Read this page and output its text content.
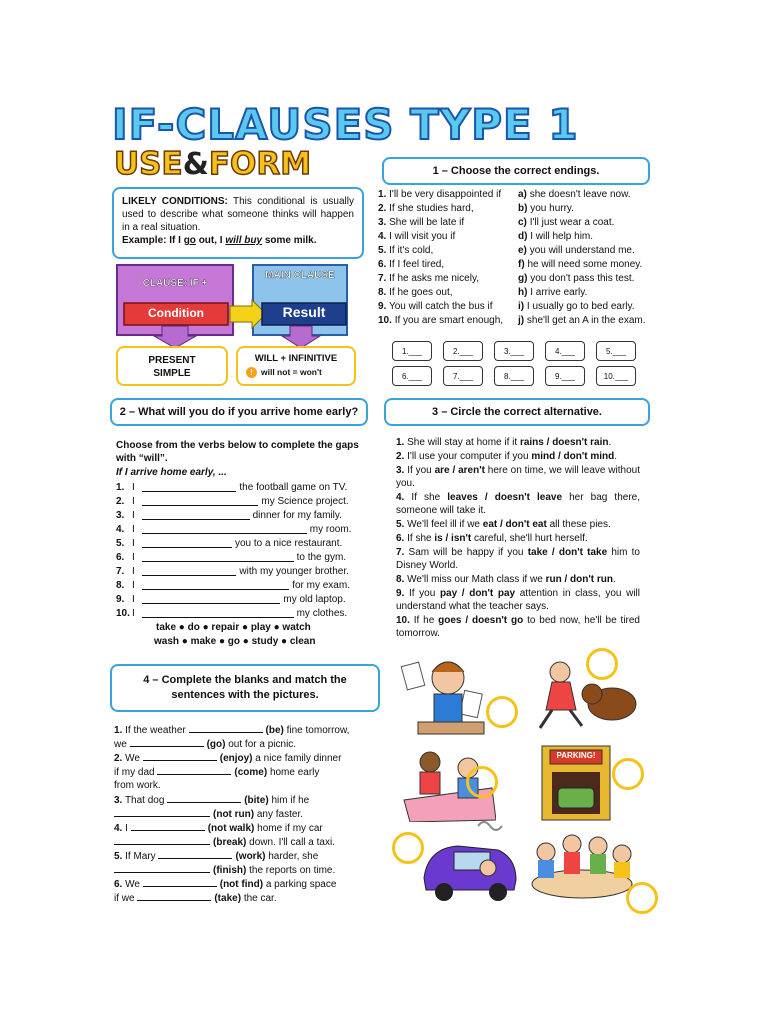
IF-CLAUSES TYPE 1
USE&FORM
LIKELY CONDITIONS: This conditional is usually used to describe what someone thinks will happen in a real situation.
Example: If I go out, I will buy some milk.
CLAUSE: IF +
MAIN CLAUSE
Condition	Result
PRESENT SIMPLE
WILL + INFINITIVE
! will not = won't
1 – Choose the correct endings.
1. I'll be very disappointed if
2. If she studies hard,
3. She will be late if
4. I will visit you if
5. If it's cold,
6. If I feel tired,
7. If he asks me nicely,
8. If he goes out,
9. You will catch the bus if
10. If you are smart enough,
a) she doesn't leave now.
b) you hurry.
c) I'll just wear a coat.
d) I will help him.
e) you will understand me.
f) he will need some money.
g) you don't pass this test.
h) I arrive early.
i) I usually go to bed early.
j) she'll get an A in the exam.
1.___	2.___	3.___	4.___	5.___
6.___	7.___	8.___	9.___	10.___
2 – What will you do if you arrive home early?
Choose from the verbs below to complete the gaps with “will”.
If I arrive home early, ...
1. I	the football game on TV.
2. I	my Science project.
3. I	dinner for my family.
4. I	my room.
5. I	you to a nice restaurant.
6. I	to the gym.
7. I	with my younger brother.
8. I	for my exam.
9. I	my old laptop.
10. I	my clothes.
take ● do ● repair ● play ● watch
wash ● make ● go ● study ● clean
3 – Circle the correct alternative.
1. She will stay at home if it rains / doesn't rain.
2. I'll use your computer if you mind / don't mind.
3. If you are / aren't here on time, we will leave without you.
4. If she leaves / doesn't leave her bag there, someone will take it.
5. We'll feel ill if we eat / don't eat all these pies.
6. If she is / isn't careful, she'll hurt herself.
7. Sam will be happy if you take / don't take him to Disney World.
8. We'll miss our Math class if we run / don't run.
9. If you pay / don't pay attention in class, you will understand what the teacher says.
10. If he goes / doesn't go to bed now, he'll be tired tomorrow.
4 – Complete the blanks and match the sentences with the pictures.
1. If the weather	(be) fine tomorrow,
we	(go) out for a picnic.
2. We	(enjoy) a nice family dinner
if my dad	(come) home early
from work.
3. That dog	(bite) him if he
(not run) any faster.
4. I	(not walk) home if my car
(break) down. I'll call a taxi.
5. If Mary	(work) harder, she
(finish) the reports on time.
6. We	(not find) a parking space
if we	(take) the car.
PARKING!
